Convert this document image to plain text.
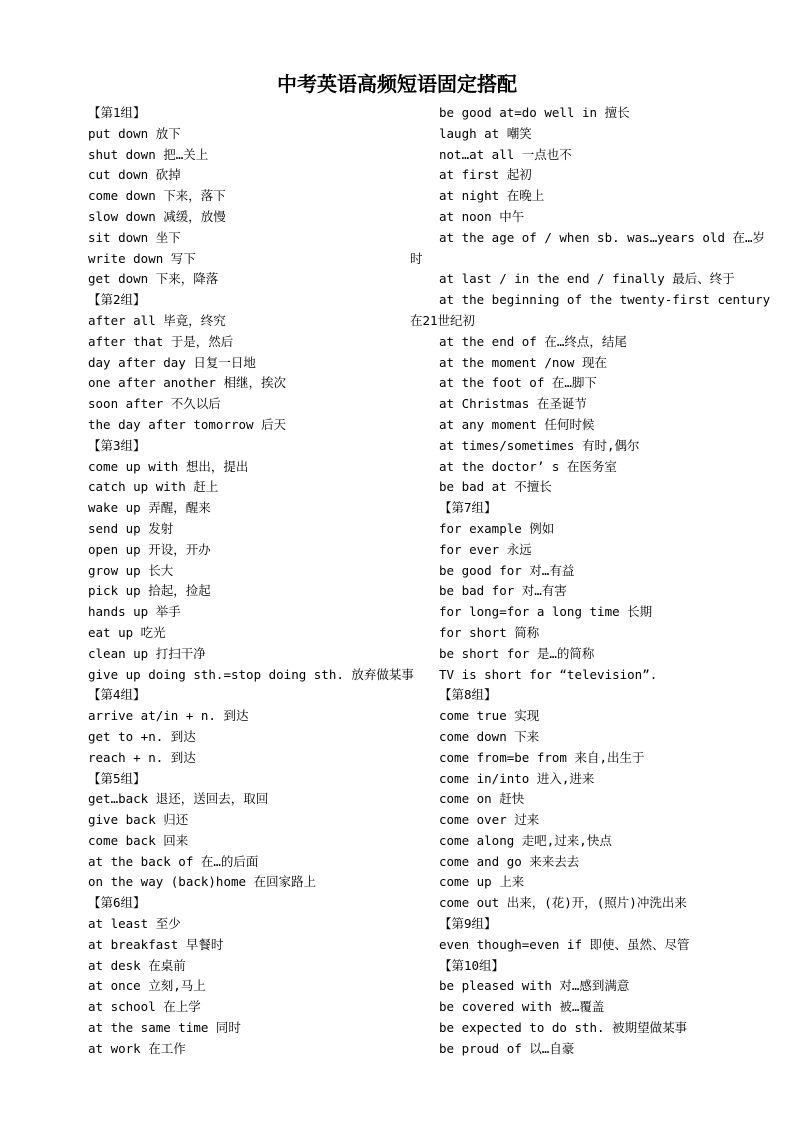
中考英语高频短语固定搭配
【第1组】
put down 放下
shut down 把…关上
cut down 砍掉
come down 下来，落下
slow down 减缓，放慢
sit down 坐下
write down 写下
get down 下来，降落
【第2组】
after all 毕竟，终究
after that 于是，然后
day after day 日复一日地
one after another 相继，挨次
soon after 不久以后
the day after tomorrow 后天
【第3组】
come up with 想出，提出
catch up with 赶上
wake up 弄醒，醒来
send up 发射
open up 开设，开办
grow up 长大
pick up 拾起，捡起
hands up 举手
eat up 吃光
clean up 打扫干净
give up doing sth.=stop doing sth. 放弃做某事
【第4组】
arrive at/in + n. 到达
get to +n. 到达
reach + n. 到达
【第5组】
get…back 退还，送回去，取回
give back 归还
come back 回来
at the back of 在…的后面
on the way (back)home 在回家路上
【第6组】
at least 至少
at breakfast 早餐时
at desk 在桌前
at once 立刻,马上
at school 在上学
at the same time 同时
at work 在工作
be good at=do well in 擅长
laugh at 嘲笑
not…at all 一点也不
at first 起初
at night 在晚上
at noon 中午
at the age of / when sb. was…years old 在…岁
时
at last / in the end / finally 最后、终于
at the beginning of the twenty-first century
在21世纪初
at the end of 在…终点，结尾
at the moment /now 现在
at the foot of 在…脚下
at Christmas 在圣诞节
at any moment 任何时候
at times/sometimes 有时,偶尔
at the doctor’ s 在医务室
be bad at 不擅长
【第7组】
for example 例如
for ever 永远
be good for 对…有益
be bad for 对…有害
for long=for a long time 长期
for short 简称
be short for 是…的简称
TV is short for “television”.
【第8组】
come true 实现
come down 下来
come from=be from 来自,出生于
come in/into 进入,进来
come on 赶快
come over 过来
come along 走吧,过来,快点
come and go 来来去去
come up 上来
come out 出来，(花)开，(照片)冲洗出来
【第9组】
even though=even if 即使、虽然、尽管
【第10组】
be pleased with 对…感到满意
be covered with 被…覆盖
be expected to do sth. 被期望做某事
be proud of 以…自豪
